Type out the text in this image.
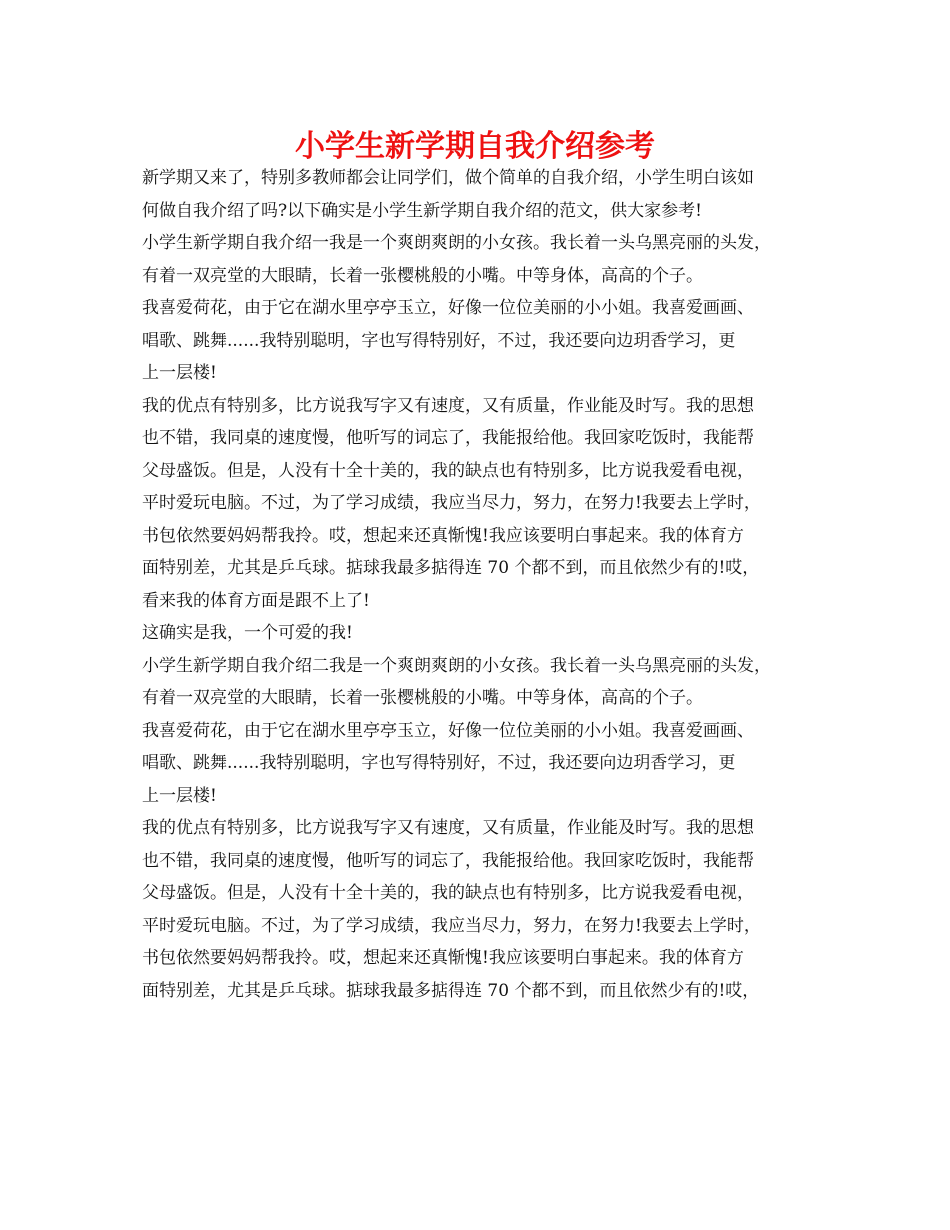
小学生新学期自我介绍参考
新学期又来了，特别多教师都会让同学们，做个简单的自我介绍，小学生明白该如
何做自我介绍了吗?以下确实是小学生新学期自我介绍的范文，供大家参考!
小学生新学期自我介绍一我是一个爽朗爽朗的小女孩。我长着一头乌黑亮丽的头发，
有着一双亮堂的大眼睛，长着一张樱桃般的小嘴。中等身体，高高的个子。
我喜爱荷花，由于它在湖水里亭亭玉立，好像一位位美丽的小小姐。我喜爱画画、
唱歌、跳舞......我特别聪明，字也写得特别好，不过，我还要向边玥香学习，更
上一层楼!
我的优点有特别多，比方说我写字又有速度，又有质量，作业能及时写。我的思想
也不错，我同桌的速度慢，他听写的词忘了，我能报给他。我回家吃饭时，我能帮
父母盛饭。但是，人没有十全十美的，我的缺点也有特别多，比方说我爱看电视，
平时爱玩电脑。不过，为了学习成绩，我应当尽力，努力，在努力!我要去上学时，
书包依然要妈妈帮我拎。哎，想起来还真惭愧!我应该要明白事起来。我的体育方
面特别差，尤其是乒乓球。掂球我最多掂得连 70 个都不到，而且依然少有的!哎，
看来我的体育方面是跟不上了!
这确实是我，一个可爱的我!
小学生新学期自我介绍二我是一个爽朗爽朗的小女孩。我长着一头乌黑亮丽的头发，
有着一双亮堂的大眼睛，长着一张樱桃般的小嘴。中等身体，高高的个子。
我喜爱荷花，由于它在湖水里亭亭玉立，好像一位位美丽的小小姐。我喜爱画画、
唱歌、跳舞......我特别聪明，字也写得特别好，不过，我还要向边玥香学习，更
上一层楼!
我的优点有特别多，比方说我写字又有速度，又有质量，作业能及时写。我的思想
也不错，我同桌的速度慢，他听写的词忘了，我能报给他。我回家吃饭时，我能帮
父母盛饭。但是，人没有十全十美的，我的缺点也有特别多，比方说我爱看电视，
平时爱玩电脑。不过，为了学习成绩，我应当尽力，努力，在努力!我要去上学时，
书包依然要妈妈帮我拎。哎，想起来还真惭愧!我应该要明白事起来。我的体育方
面特别差，尤其是乒乓球。掂球我最多掂得连 70 个都不到，而且依然少有的!哎，
